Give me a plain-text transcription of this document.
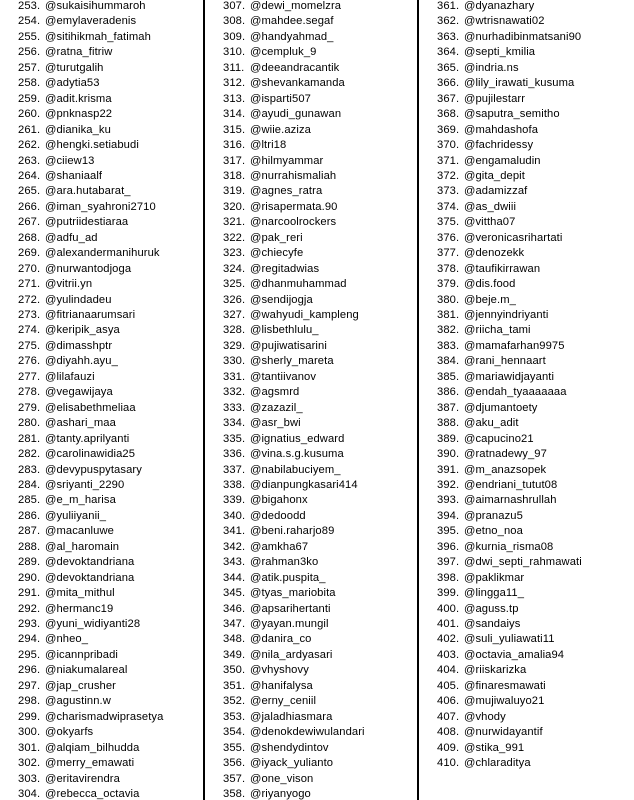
253. @sukaisihummaroh
254. @emylaveradenis
255. @sitihikmah_fatimah
256. @ratna_fitriw
257. @turutgalih
258. @adytia53
259. @adit.krisma
260. @pnknasp22
261. @dianika_ku
262. @hengki.setiabudi
263. @ciiew13
264. @shaniaalf
265. @ara.hutabarat_
266. @iman_syahroni2710
267. @putriidestiaraa
268. @adfu_ad
269. @alexandermanihuruk
270. @nurwantodjoga
271. @vitrii.yn
272. @yulindadeu
273. @fitrianaarumsari
274. @keripik_asya
275. @dimasshptr
276. @diyahh.ayu_
277. @lilafauzi
278. @vegawijaya
279. @elisabethmeliaa
280. @ashari_maa
281. @tanty.aprilyanti
282. @carolinawidia25
283. @devypuspytasary
284. @sriyanti_2290
285. @e_m_harisa
286. @yuliiyanii_
287. @macanluwe
288. @al_haromain
289. @devoktandriana
290. @devoktandriana
291. @mita_mithul
292. @hermanc19
293. @yuni_widiyanti28
294. @nheo_
295. @icannpribadi
296. @niakumalareal
297. @jap_crusher
298. @agustinn.w
299. @charismadwiprasetya
300. @okyarfs
301. @alqiam_bilhudda
302. @merry_emawati
303. @eritavirendra
304. @rebecca_octavia
307. @dewi_momelzra
308. @mahdee.segaf
309. @handyahmad_
310. @cempluk_9
311. @deeandracantik
312. @shevankamanda
313. @isparti507
314. @ayudi_gunawan
315. @wiie.aziza
316. @ltri18
317. @hilmyammar
318. @nurrahismaliah
319. @agnes_ratra
320. @risapermata.90
321. @narcoolrockers
322. @pak_reri
323. @chiecyfe
324. @regitadwias
325. @dhanmuhammad
326. @sendijogja
327. @wahyudi_kampleng
328. @lisbethlulu_
329. @pujiwatisarini
330. @sherly_mareta
331. @tantiivanov
332. @agsmrd
333. @zazazil_
334. @asr_bwi
335. @ignatius_edward
336. @vina.s.g.kusuma
337. @nabilabuciyem_
338. @dianpungkasari414
339. @bigahonx
340. @dedoodd
341. @beni.raharjo89
342. @amkha67
343. @rahman3ko
344. @atik.puspita_
345. @tyas_mariobita
346. @apsarihertanti
347. @yayan.mungil
348. @danira_co
349. @nila_ardyasari
350. @vhyshovy
351. @hanifalysa
352. @erny_ceniil
353. @jaladhiasmara
354. @denokdewiwulandari
355. @shendydintov
356. @iyack_yulianto
357. @one_vison
358. @riyanyogo
361. @dyanazhary
362. @wtrisnawati02
363. @nurhadibinmatsani90
364. @septi_kmilia
365. @indria.ns
366. @lily_irawati_kusuma
367. @pujilestarr
368. @saputra_semitho
369. @mahdashofa
370. @fachridessy
371. @engamaludin
372. @gita_depit
373. @adamizzaf
374. @as_dwiii
375. @vittha07
376. @veronicasrihartati
377. @denozekk
378. @taufikirrawan
379. @dis.food
380. @beje.m_
381. @jennyindriyanti
382. @riicha_tami
383. @mamafarhan9975
384. @rani_hennaart
385. @mariawidjayanti
386. @endah_tyaaaaaaa
387. @djumantoety
388. @aku_adit
389. @capucino21
390. @ratnadewy_97
391. @m_anazsopek
392. @endriani_tutut08
393. @aimarnashrullah
394. @pranazu5
395. @etno_noa
396. @kurnia_risma08
397. @dwi_septi_rahmawati
398. @paklikmar
399. @lingga11_
400. @aguss.tp
401. @sandaiys
402. @suli_yuliawati11
403. @octavia_amalia94
404. @riiskarizka
405. @finaresmawati
406. @mujiwaluyo21
407. @vhody
408. @nurwidayantif
409. @stika_991
410. @chlaraditya
